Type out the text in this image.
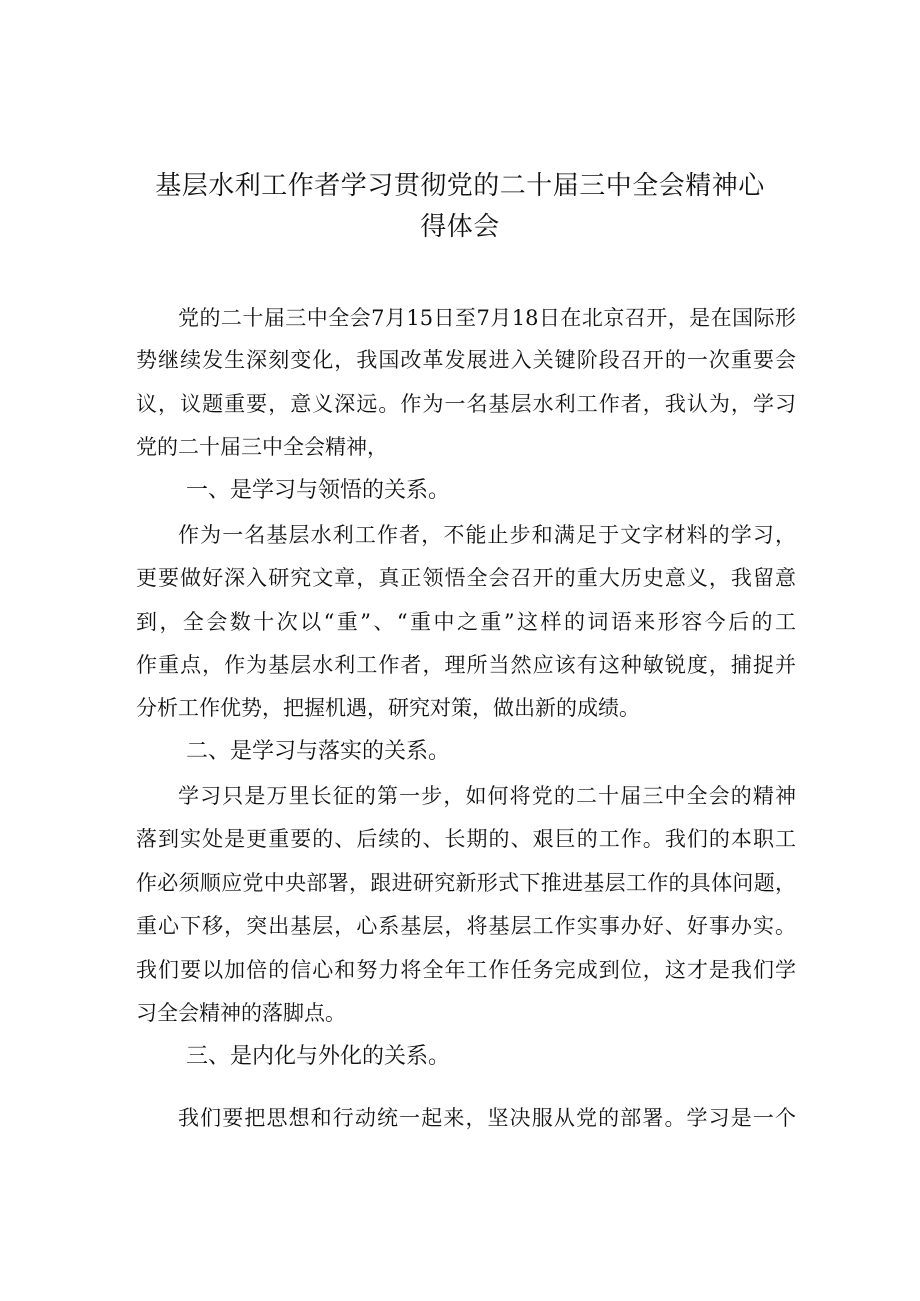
基层水利工作者学习贯彻党的二十届三中全会精神心
得体会

党的二十届三中全会7月15日至7月18日在北京召开，是在国际形

势继续发生深刻变化，我国改革发展进入关键阶段召开的一次重要会

议，议题重要，意义深远。作为一名基层水利工作者，我认为，学习

党的二十届三中全会精神，

一、是学习与领悟的关系。

作为一名基层水利工作者，不能止步和满足于文字材料的学习，

更要做好深入研究文章，真正领悟全会召开的重大历史意义，我留意

到，全会数十次以“重”、“重中之重”这样的词语来形容今后的工

作重点，作为基层水利工作者，理所当然应该有这种敏锐度，捕捉并

分析工作优势，把握机遇，研究对策，做出新的成绩。

二、是学习与落实的关系。

学习只是万里长征的第一步，如何将党的二十届三中全会的精神

落到实处是更重要的、后续的、长期的、艰巨的工作。我们的本职工

作必须顺应党中央部署，跟进研究新形式下推进基层工作的具体问题，

重心下移，突出基层，心系基层，将基层工作实事办好、好事办实。

我们要以加倍的信心和努力将全年工作任务完成到位，这才是我们学

习全会精神的落脚点。

三、是内化与外化的关系。

我们要把思想和行动统一起来，坚决服从党的部署。学习是一个
